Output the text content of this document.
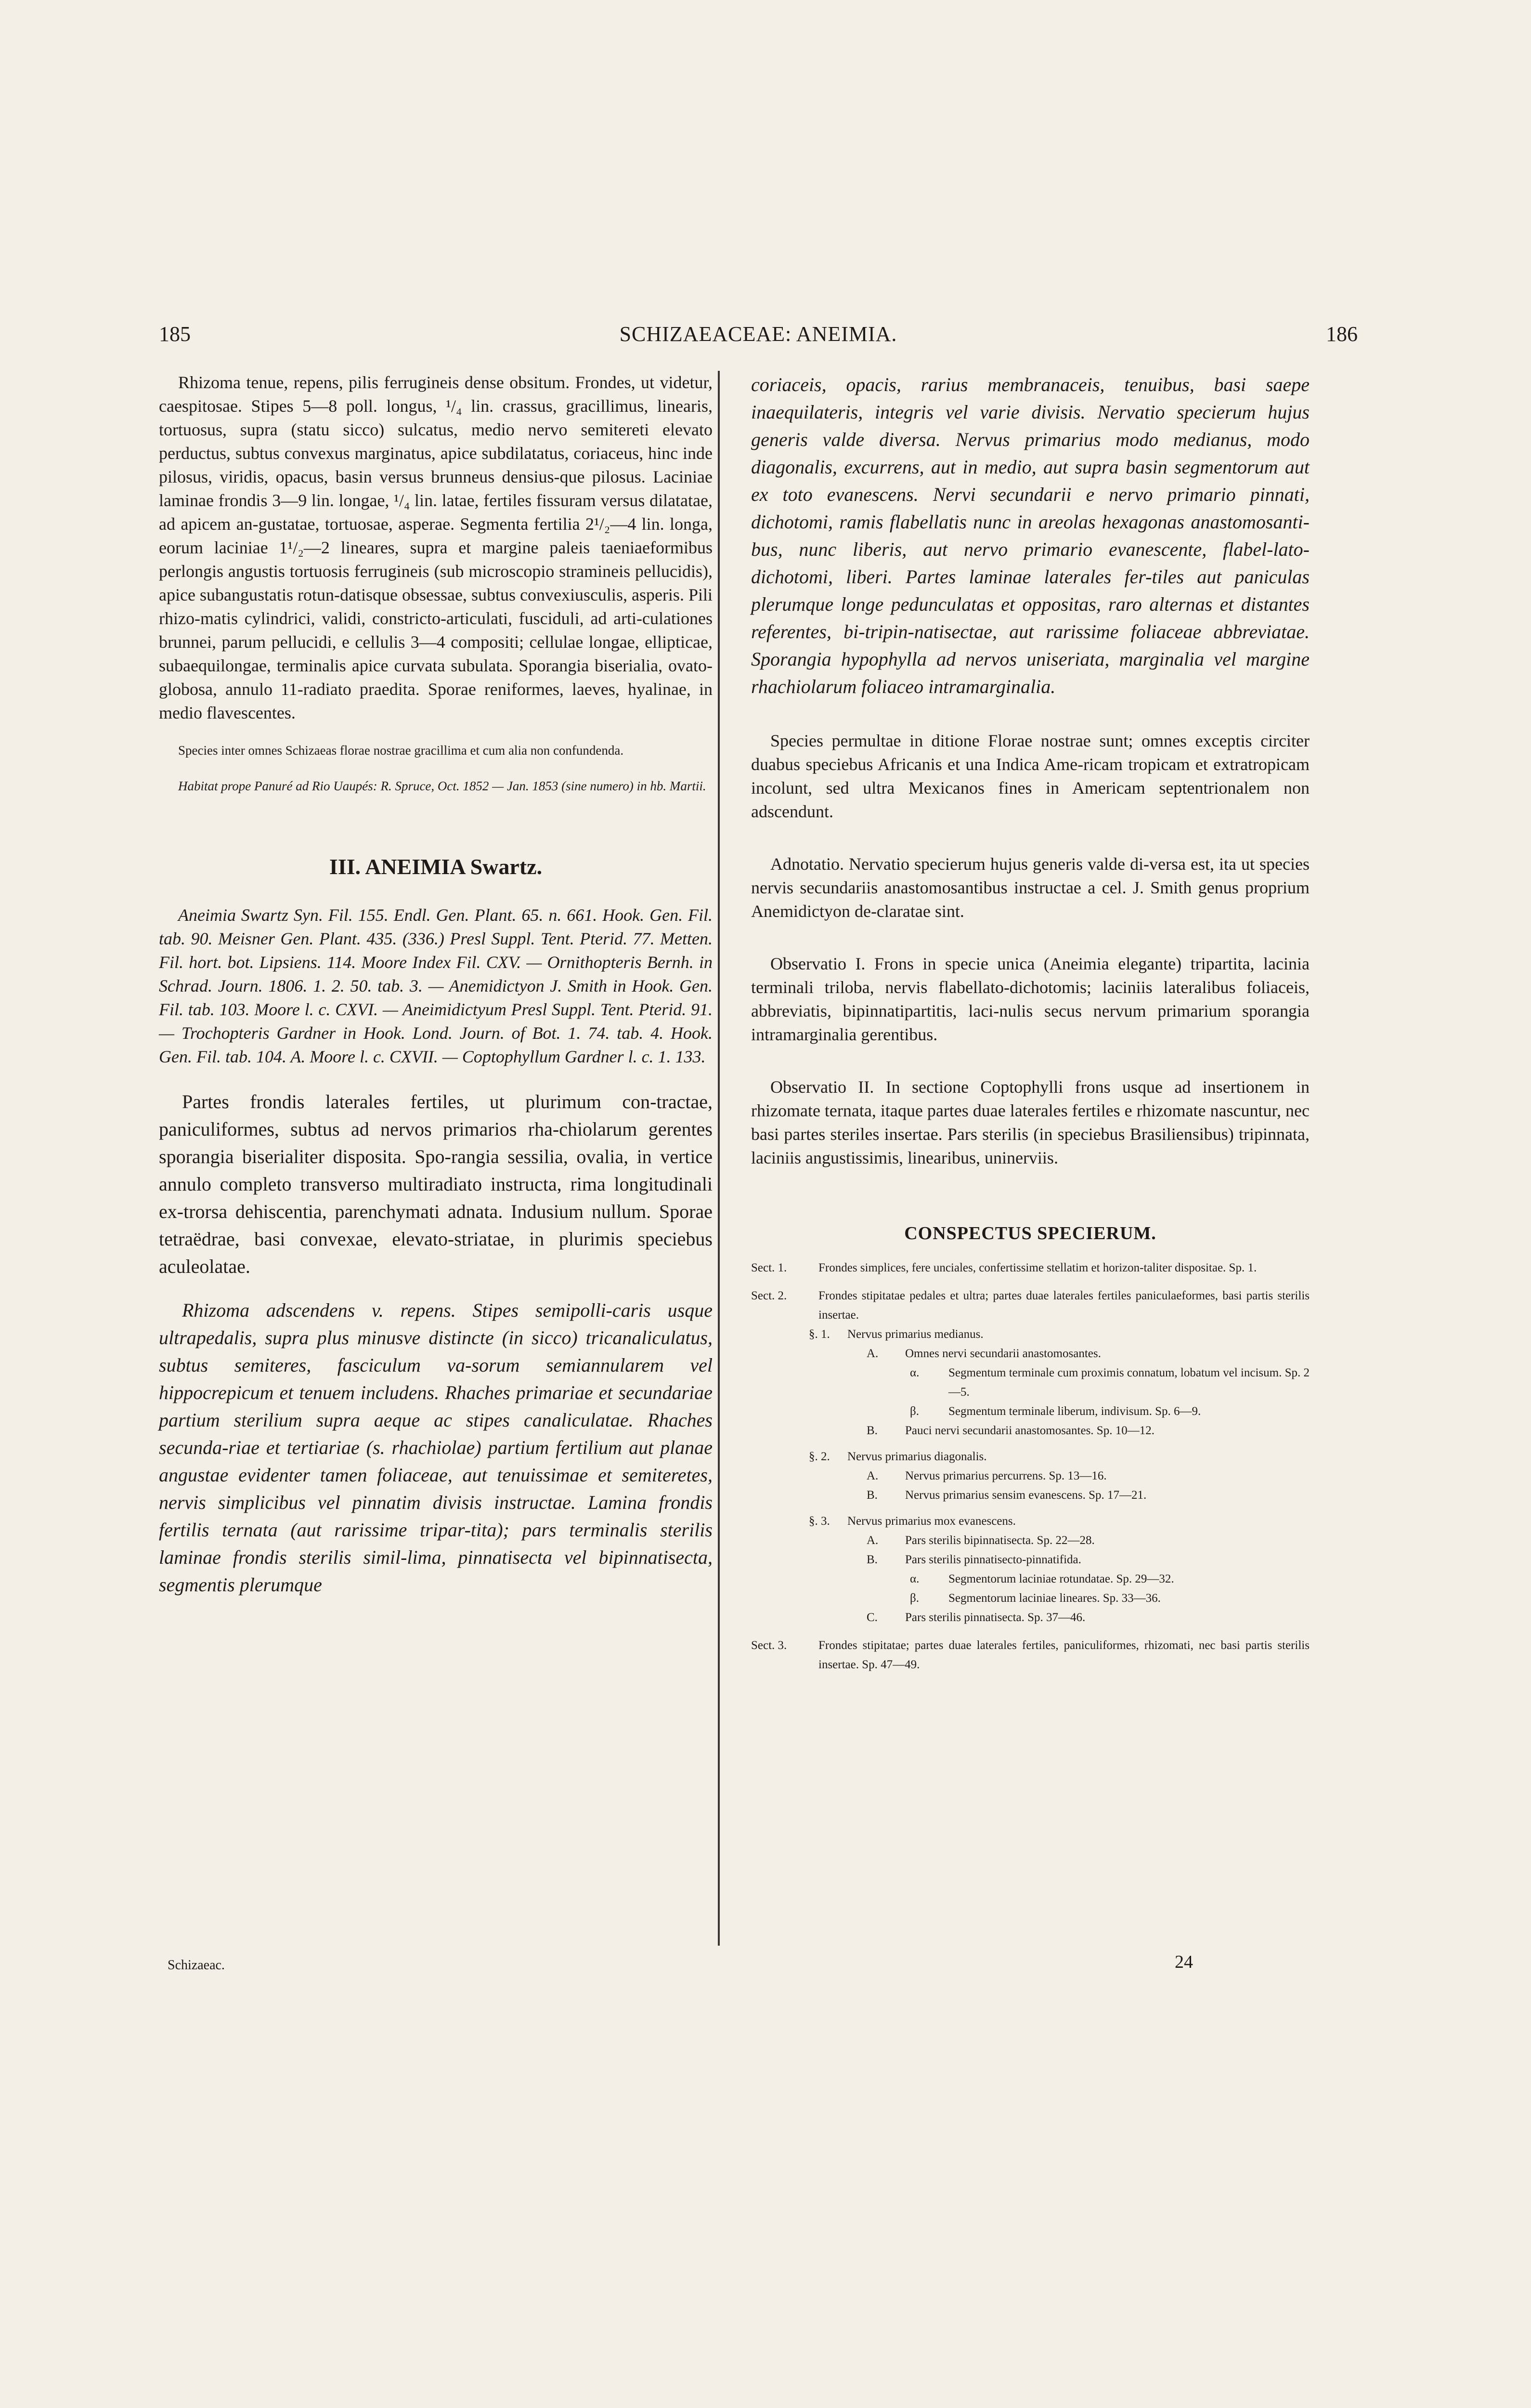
185	SCHIZAEACEAE: ANEIMIA.	186

Rhizoma tenue, repens, pilis ferrugineis dense obsitum. Frondes, ut videtur, caespitosae. Stipes 5—8 poll. longus, ¹/₄ lin. crassus, gracillimus, linearis, tortuosus, supra (statu sicco) sulcatus, medio nervo semitereti elevato perductus, subtus convexus marginatus, apice subdilatatus, coriaceus, hinc inde pilosus, viridis, opacus, basin versus brunneus densius-que pilosus. Laciniae laminae frondis 3—9 lin. longae, ¹/₄ lin. latae, fertiles fissuram versus dilatatae, ad apicem an-gustatae, tortuosae, asperae. Segmenta fertilia 2¹/₂—4 lin. longa, eorum laciniae 1¹/₂—2 lineares, supra et margine paleis taeniaeformibus perlongis angustis tortuosis ferrugineis (sub microscopio stramineis pellucidis), apice subangustatis rotun-datisque obsessae, subtus convexiusculis, asperis. Pili rhizo-matis cylindrici, validi, constricto-articulati, fusciduli, ad arti-culationes brunnei, parum pellucidi, e cellulis 3—4 compositi; cellulae longae, ellipticae, subaequilongae, terminalis apice curvata subulata. Sporangia biserialia, ovato-globosa, annulo 11-radiato praedita. Sporae reniformes, laeves, hyalinae, in medio flavescentes.

Species inter omnes Schizaeas florae nostrae gracillima et cum alia non confundenda.

Habitat prope Panuré ad Rio Uaupés: R. Spruce, Oct. 1852 — Jan. 1853 (sine numero) in hb. Martii.

III. ANEIMIA Swartz.

Aneimia Swartz Syn. Fil. 155. Endl. Gen. Plant. 65. n. 661. Hook. Gen. Fil. tab. 90. Meisner Gen. Plant. 435. (336.) Presl Suppl. Tent. Pterid. 77. Metten. Fil. hort. bot. Lipsiens. 114. Moore Index Fil. CXV. — Ornithopteris Bernh. in Schrad. Journ. 1806. 1. 2. 50. tab. 3. — Anemidictyon J. Smith in Hook. Gen. Fil. tab. 103. Moore l. c. CXVI. — Aneimidictyum Presl Suppl. Tent. Pterid. 91. — Trochopteris Gardner in Hook. Lond. Journ. of Bot. 1. 74. tab. 4. Hook. Gen. Fil. tab. 104. A. Moore l. c. CXVII. — Coptophyllum Gardner l. c. 1. 133.

Partes frondis laterales fertiles, ut plurimum con-tractae, paniculiformes, subtus ad nervos primarios rha-chiolarum gerentes sporangia biserialiter disposita. Spo-rangia sessilia, ovalia, in vertice annulo completo transverso multiradiato instructa, rima longitudinali ex-trorsa dehiscentia, parenchymati adnata. Indusium nullum. Sporae tetraëdrae, basi convexae, elevato-striatae, in plurimis speciebus aculeolatae.

Rhizoma adscendens v. repens. Stipes semipolli-caris usque ultrapedalis, supra plus minusve distincte (in sicco) tricanaliculatus, subtus semiteres, fasciculum va-sorum semiannularem vel hippocrepicum et tenuem includens. Rhaches primariae et secundariae partium sterilium supra aeque ac stipes canaliculatae. Rhaches secunda-riae et tertiariae (s. rhachiolae) partium fertilium aut planae angustae evidenter tamen foliaceae, aut tenuissimae et semiteretes, nervis simplicibus vel pinnatim divisis instructae. Lamina frondis fertilis ternata (aut rarissime tripar-tita); pars terminalis sterilis laminae frondis sterilis simil-lima, pinnatisecta vel bipinnatisecta, segmentis plerumque

coriaceis, opacis, rarius membranaceis, tenuibus, basi saepe inaequilateris, integris vel varie divisis. Nervatio specierum hujus generis valde diversa. Nervus primarius modo medianus, modo diagonalis, excurrens, aut in medio, aut supra basin segmentorum aut ex toto evanescens. Nervi secundarii e nervo primario pinnati, dichotomi, ramis flabellatis nunc in areolas hexagonas anastomosanti-bus, nunc liberis, aut nervo primario evanescente, flabel-lato-dichotomi, liberi. Partes laminae laterales fer-tiles aut paniculas plerumque longe pedunculatas et oppositas, raro alternas et distantes referentes, bi-tripin-natisectae, aut rarissime foliaceae abbreviatae. Sporangia hypophylla ad nervos uniseriata, marginalia vel margine rhachiolarum foliaceo intramarginalia.

Species permultae in ditione Florae nostrae sunt; omnes exceptis circiter duabus speciebus Africanis et una Indica Ame-ricam tropicam et extratropicam incolunt, sed ultra Mexicanos fines in Americam septentrionalem non adscendunt.

Adnotatio. Nervatio specierum hujus generis valde di-versa est, ita ut species nervis secundariis anastomosantibus instructae a cel. J. Smith genus proprium Anemidictyon de-claratae sint.

Observatio I. Frons in specie unica (Aneimia elegante) tripartita, lacinia terminali triloba, nervis flabellato-dichotomis; laciniis lateralibus foliaceis, abbreviatis, bipinnatipartitis, laci-nulis secus nervum primarium sporangia intramarginalia gerentibus.

Observatio II. In sectione Coptophylli frons usque ad insertionem in rhizomate ternata, itaque partes duae laterales fertiles e rhizomate nascuntur, nec basi partes steriles insertae. Pars sterilis (in speciebus Brasiliensibus) tripinnata, laciniis angustissimis, linearibus, uninerviis.

CONSPECTUS SPECIERUM.
Sect. 1.	Frondes simplices, fere unciales, confertissime stellatim et horizon-taliter dispositae. Sp. 1.
Sect. 2.	Frondes stipitatae pedales et ultra; partes duae laterales fertiles paniculaeformes, basi partis sterilis insertae.
§. 1. Nervus primarius medianus.
A. Omnes nervi secundarii anastomosantes.
α. Segmentum terminale cum proximis connatum, lobatum vel incisum. Sp. 2—5.
β. Segmentum terminale liberum, indivisum. Sp. 6—9.
B. Pauci nervi secundarii anastomosantes. Sp. 10—12.
§. 2. Nervus primarius diagonalis.
A. Nervus primarius percurrens. Sp. 13—16.
B. Nervus primarius sensim evanescens. Sp. 17—21.
§. 3. Nervus primarius mox evanescens.
A. Pars sterilis bipinnatisecta. Sp. 22—28.
B. Pars sterilis pinnatisecto-pinnatifida.
α. Segmentorum laciniae rotundatae. Sp. 29—32.
β. Segmentorum laciniae lineares. Sp. 33—36.
C. Pars sterilis pinnatisecta. Sp. 37—46.
Sect. 3.	Frondes stipitatae; partes duae laterales fertiles, paniculiformes, rhizomati, nec basi partis sterilis insertae. Sp. 47—49.
Schizaeac.	24
